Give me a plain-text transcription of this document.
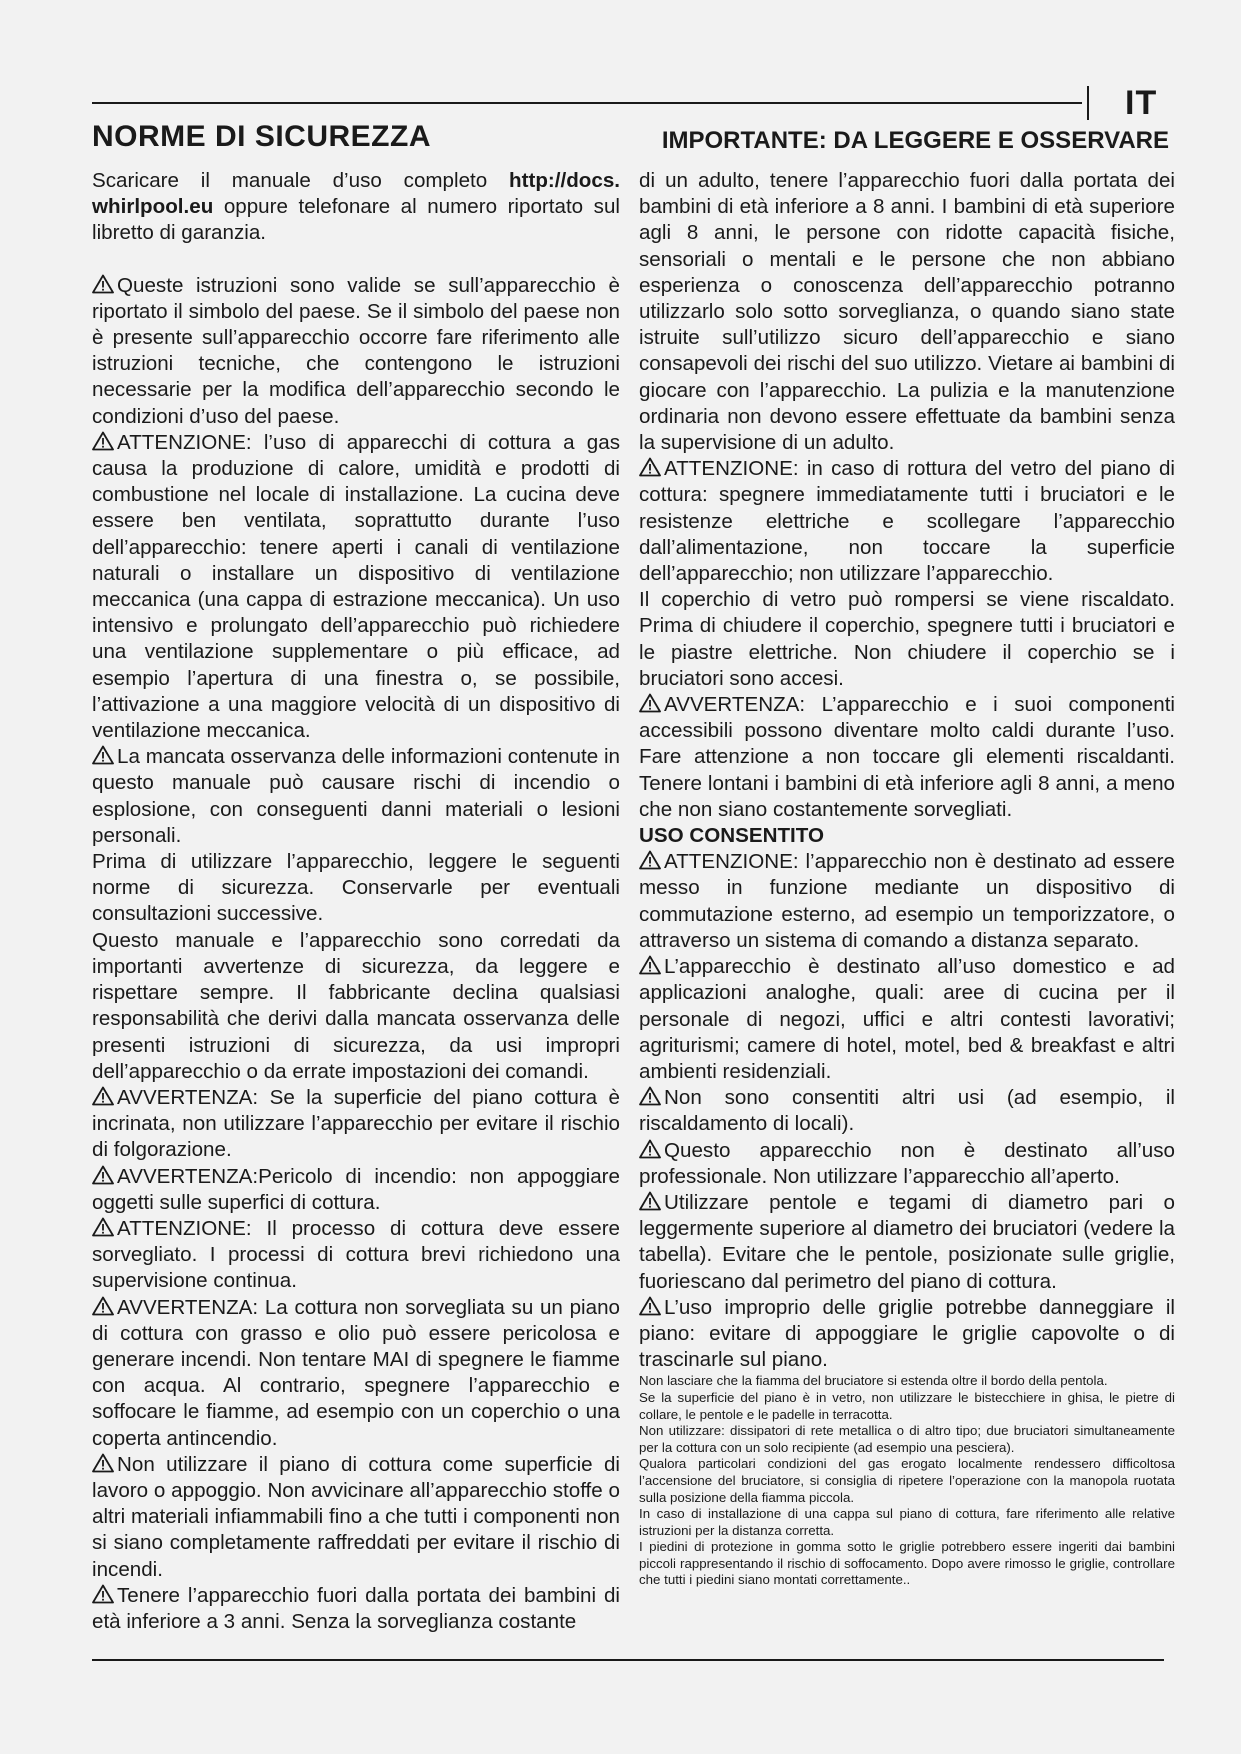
IT
NORME DI SICUREZZA	IMPORTANTE: DA LEGGERE E OSSERVARE

Scaricare il manuale d’uso completo http://docs. whirlpool.eu oppure telefonare al numero riportato sul libretto di garanzia.

Queste istruzioni sono valide se sull’apparecchio è riportato il simbolo del paese. Se il simbolo del paese non è presente sull’apparecchio occorre fare riferimento alle istruzioni tecniche, che contengono le istruzioni necessarie per la modifica dell’apparecchio secondo le condizioni d’uso del paese.

ATTENZIONE: l’uso di apparecchi di cottura a gas causa la produzione di calore, umidità e prodotti di combustione nel locale di installazione. La cucina deve essere ben ventilata, soprattutto durante l’uso dell’apparecchio: tenere aperti i canali di ventilazione naturali o installare un dispositivo di ventilazione meccanica (una cappa di estrazione meccanica). Un uso intensivo e prolungato dell’apparecchio può richiedere una ventilazione supplementare o più efficace, ad esempio l’apertura di una finestra o, se possibile, l’attivazione a una maggiore velocità di un dispositivo di ventilazione meccanica.

La mancata osservanza delle informazioni contenute in questo manuale può causare rischi di incendio o esplosione, con conseguenti danni materiali o lesioni personali.

Prima di utilizzare l’apparecchio, leggere le seguenti norme di sicurezza. Conservarle per eventuali consultazioni successive.

Questo manuale e l’apparecchio sono corredati da importanti avvertenze di sicurezza, da leggere e rispettare sempre. Il fabbricante declina qualsiasi responsabilità che derivi dalla mancata osservanza delle presenti istruzioni di sicurezza, da usi impropri dell’apparecchio o da errate impostazioni dei comandi.

AVVERTENZA: Se la superficie del piano cottura è incrinata, non utilizzare l’apparecchio per evitare il rischio di folgorazione.

AVVERTENZA:Pericolo di incendio: non appoggiare oggetti sulle superfici di cottura.

ATTENZIONE: Il processo di cottura deve essere sorvegliato. I processi di cottura brevi richiedono una supervisione continua.

AVVERTENZA: La cottura non sorvegliata su un piano di cottura con grasso e olio può essere pericolosa e generare incendi. Non tentare MAI di spegnere le fiamme con acqua. Al contrario, spegnere l’apparecchio e soffocare le fiamme, ad esempio con un coperchio o una coperta antincendio.

Non utilizzare il piano di cottura come superficie di lavoro o appoggio. Non avvicinare all’apparecchio stoffe o altri materiali infiammabili fino a che tutti i componenti non si siano completamente raffreddati per evitare il rischio di incendi.

Tenere l’apparecchio fuori dalla portata dei bambini di età inferiore a 3 anni. Senza la sorveglianza costante

di un adulto, tenere l’apparecchio fuori dalla portata dei bambini di età inferiore a 8 anni. I bambini di età superiore agli 8 anni, le persone con ridotte capacità fisiche, sensoriali o mentali e le persone che non abbiano esperienza o conoscenza dell’apparecchio potranno utilizzarlo solo sotto sorveglianza, o quando siano state istruite sull’utilizzo sicuro dell’apparecchio e siano consapevoli dei rischi del suo utilizzo. Vietare ai bambini di giocare con l’apparecchio. La pulizia e la manutenzione ordinaria non devono essere effettuate da bambini senza la supervisione di un adulto.

ATTENZIONE: in caso di rottura del vetro del piano di cottura: spegnere immediatamente tutti i bruciatori e le resistenze elettriche e scollegare l’apparecchio dall’alimentazione, non toccare la superficie dell’apparecchio; non utilizzare l’apparecchio.

Il coperchio di vetro può rompersi se viene riscaldato. Prima di chiudere il coperchio, spegnere tutti i bruciatori e le piastre elettriche. Non chiudere il coperchio se i bruciatori sono accesi.

AVVERTENZA: L’apparecchio e i suoi componenti accessibili possono diventare molto caldi durante l’uso. Fare attenzione a non toccare gli elementi riscaldanti. Tenere lontani i bambini di età inferiore agli 8 anni, a meno che non siano costantemente sorvegliati.

USO CONSENTITO

ATTENZIONE: l’apparecchio non è destinato ad essere messo in funzione mediante un dispositivo di commutazione esterno, ad esempio un temporizzatore, o attraverso un sistema di comando a distanza separato.

L’apparecchio è destinato all’uso domestico e ad applicazioni analoghe, quali: aree di cucina per il personale di negozi, uffici e altri contesti lavorativi; agriturismi; camere di hotel, motel, bed & breakfast e altri ambienti residenziali.

Non sono consentiti altri usi (ad esempio, il riscaldamento di locali).

Questo apparecchio non è destinato all’uso professionale. Non utilizzare l’apparecchio all’aperto.

Utilizzare pentole e tegami di diametro pari o leggermente superiore al diametro dei bruciatori (vedere la tabella). Evitare che le pentole, posizionate sulle griglie, fuoriescano dal perimetro del piano di cottura.

L’uso improprio delle griglie potrebbe danneggiare il piano: evitare di appoggiare le griglie capovolte o di trascinarle sul piano.

Non lasciare che la fiamma del bruciatore si estenda oltre il bordo della pentola.

Se la superficie del piano è in vetro, non utilizzare le bistecchiere in ghisa, le pietre di collare, le pentole e le padelle in terracotta.

Non utilizzare: dissipatori di rete metallica o di altro tipo; due bruciatori simultaneamente per la cottura con un solo recipiente (ad esempio una pesciera).

Qualora particolari condizioni del gas erogato localmente rendessero difficoltosa l’accensione del bruciatore, si consiglia di ripetere l’operazione con la manopola ruotata sulla posizione della fiamma piccola.

In caso di installazione di una cappa sul piano di cottura, fare riferimento alle relative istruzioni per la distanza corretta.

I piedini di protezione in gomma sotto le griglie potrebbero essere ingeriti dai bambini piccoli rappresentando il rischio di soffocamento. Dopo avere rimosso le griglie, controllare che tutti i piedini siano montati correttamente..
